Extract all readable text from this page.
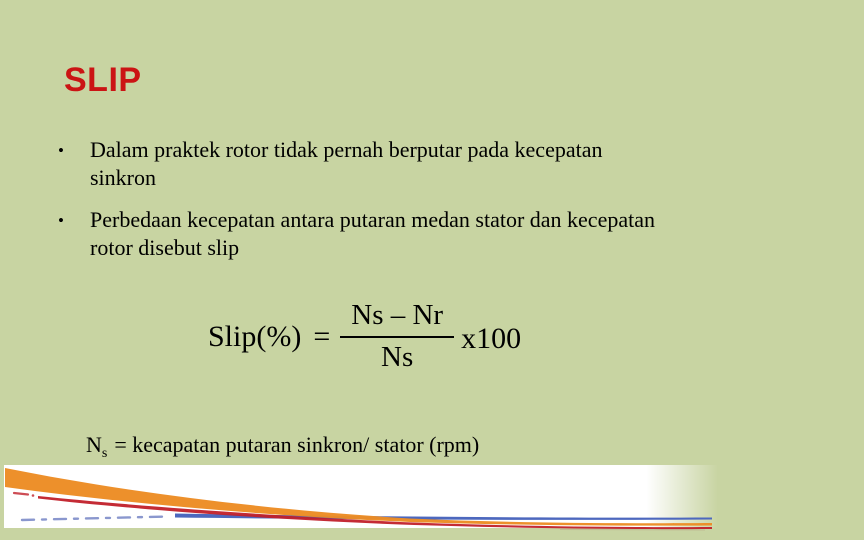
SLIP
•	Dalam praktek rotor tidak pernah berputar pada kecepatan
sinkron
•	Perbedaan kecepatan antara putaran medan stator dan kecepatan
rotor disebut slip
Slip(%) = $\frac{Ns - Nr}{Ns} x100$

$N_s$ = kecapatan putaran sinkron/ stator (rpm)
